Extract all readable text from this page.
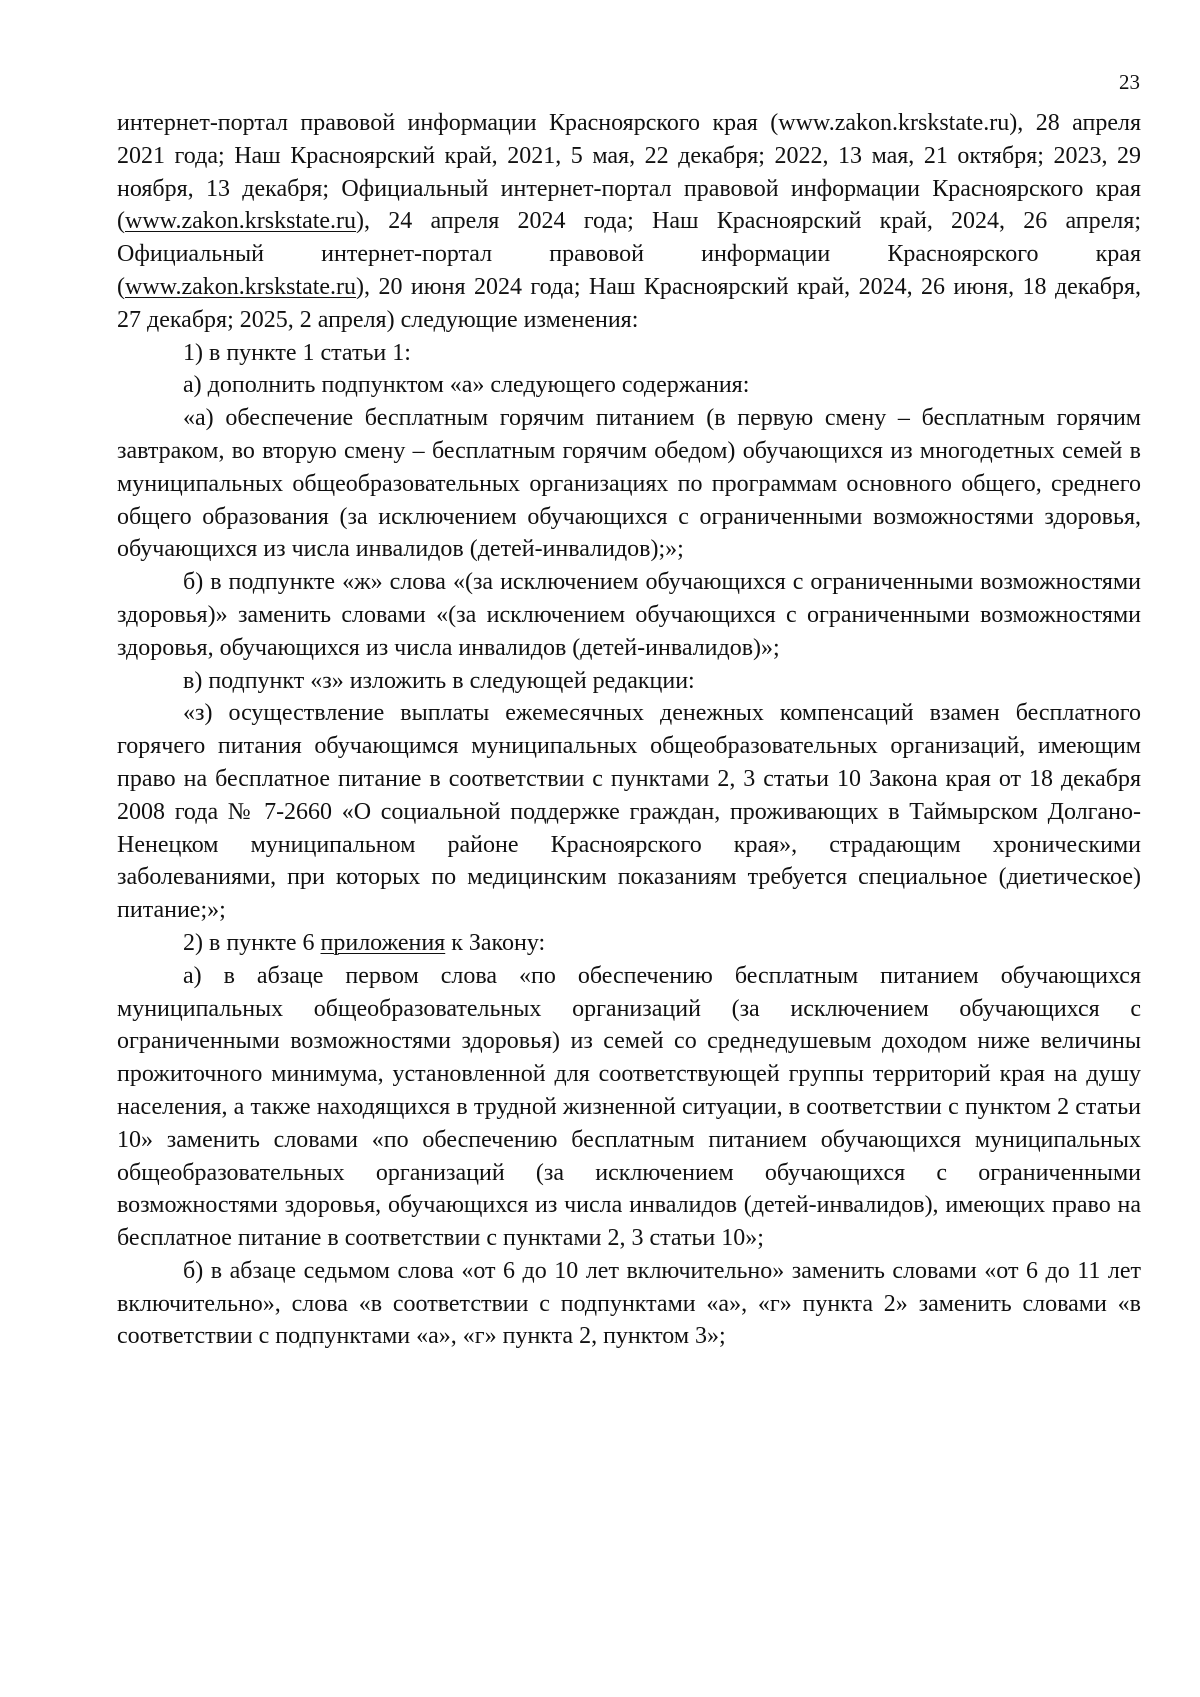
23

интернет-портал правовой информации Красноярского края (www.zakon.krskstate.ru), 28 апреля 2021 года; Наш Красноярский край, 2021, 5 мая, 22 декабря; 2022, 13 мая, 21 октября; 2023, 29 ноября, 13 декабря; Официальный интернет-портал правовой информации Красноярского края (www.zakon.krskstate.ru), 24 апреля 2024 года; Наш Красноярский край, 2024, 26 апреля; Официальный интернет-портал правовой информации Красноярского края (www.zakon.krskstate.ru), 20 июня 2024 года; Наш Красноярский край, 2024, 26 июня, 18 декабря, 27 декабря; 2025, 2 апреля) следующие изменения:

1) в пункте 1 статьи 1:

а) дополнить подпунктом «а» следующего содержания:

«а) обеспечение бесплатным горячим питанием (в первую смену – бесплатным горячим завтраком, во вторую смену – бесплатным горячим обедом) обучающихся из многодетных семей в муниципальных общеобразовательных организациях по программам основного общего, среднего общего образования (за исключением обучающихся с ограниченными возможностями здоровья, обучающихся из числа инвалидов (детей-инвалидов);»;

б) в подпункте «ж» слова «(за исключением обучающихся с ограниченными возможностями здоровья)» заменить словами «(за исключением обучающихся с ограниченными возможностями здоровья, обучающихся из числа инвалидов (детей-инвалидов)»;

в) подпункт «з» изложить в следующей редакции:

«з) осуществление выплаты ежемесячных денежных компенсаций взамен бесплатного горячего питания обучающимся муниципальных общеобразовательных организаций, имеющим право на бесплатное питание в соответствии с пунктами 2, 3 статьи 10 Закона края от 18 декабря 2008 года № 7-2660 «О социальной поддержке граждан, проживающих в Таймырском Долгано-Ненецком муниципальном районе Красноярского края», страдающим хроническими заболеваниями, при которых по медицинским показаниям требуется специальное (диетическое) питание;»;

2) в пункте 6 приложения к Закону:

а) в абзаце первом слова «по обеспечению бесплатным питанием обучающихся муниципальных общеобразовательных организаций (за исключением обучающихся с ограниченными возможностями здоровья) из семей со среднедушевым доходом ниже величины прожиточного минимума, установленной для соответствующей группы территорий края на душу населения, а также находящихся в трудной жизненной ситуации, в соответствии с пунктом 2 статьи 10» заменить словами «по обеспечению бесплатным питанием обучающихся муниципальных общеобразовательных организаций (за исключением обучающихся с ограниченными возможностями здоровья, обучающихся из числа инвалидов (детей-инвалидов), имеющих право на бесплатное питание в соответствии с пунктами 2, 3 статьи 10»;

б) в абзаце седьмом слова «от 6 до 10 лет включительно» заменить словами «от 6 до 11 лет включительно», слова «в соответствии с подпунктами «а», «г» пункта 2» заменить словами «в соответствии с подпунктами «а», «г» пункта 2, пунктом 3»;
